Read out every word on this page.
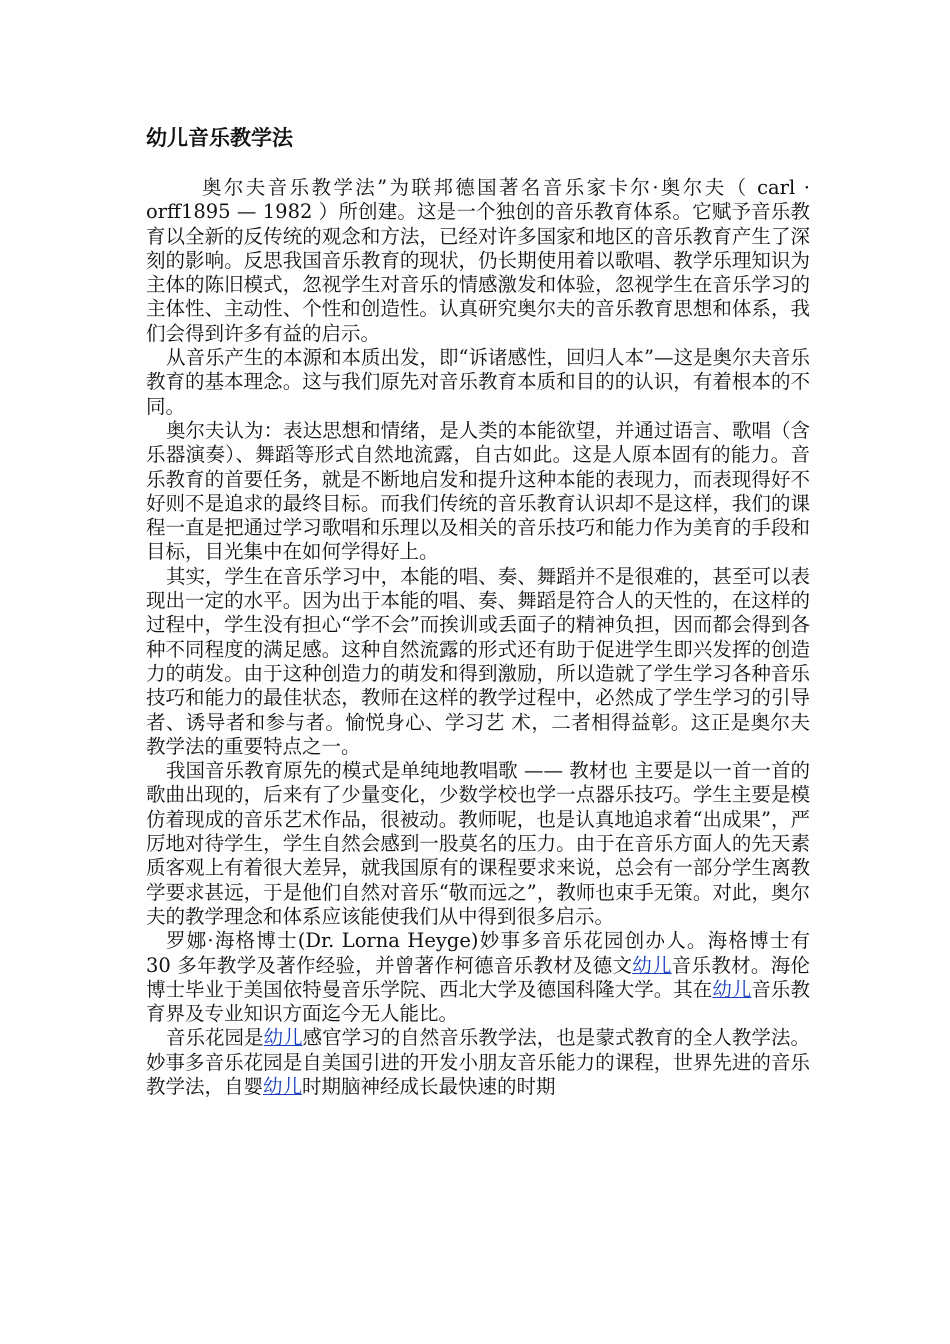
幼儿音乐教学法

奥尔夫音乐教学法”为联邦德国著名音乐家卡尔·奥尔夫（ carl · orff1895 — 1982 ）所创建。这是一个独创的音乐教育体系。它赋予音乐教育以全新的反传统的观念和方法，已经对许多国家和地区的音乐教育产生了深刻的影响。反思我国音乐教育的现状，仍长期使用着以歌唱、教学乐理知识为主体的陈旧模式，忽视学生对音乐的情感激发和体验，忽视学生在音乐学习的主体性、主动性、个性和创造性。认真研究奥尔夫的音乐教育思想和体系，我们会得到许多有益的启示。

从音乐产生的本源和本质出发，即“诉诸感性，回归人本”—这是奥尔夫音乐教育的基本理念。这与我们原先对音乐教育本质和目的的认识，有着根本的不同。

奥尔夫认为：表达思想和情绪，是人类的本能欲望，并通过语言、歌唱（含乐器演奏）、舞蹈等形式自然地流露，自古如此。这是人原本固有的能力。音乐教育的首要任务，就是不断地启发和提升这种本能的表现力，而表现得好不好则不是追求的最终目标。而我们传统的音乐教育认识却不是这样，我们的课程一直是把通过学习歌唱和乐理以及相关的音乐技巧和能力作为美育的手段和目标，目光集中在如何学得好上。

其实，学生在音乐学习中，本能的唱、奏、舞蹈并不是很难的，甚至可以表现出一定的水平。因为出于本能的唱、奏、舞蹈是符合人的天性的，在这样的过程中，学生没有担心“学不会”而挨训或丢面子的精神负担，因而都会得到各种不同程度的满足感。这种自然流露的形式还有助于促进学生即兴发挥的创造力的萌发。由于这种创造力的萌发和得到激励，所以造就了学生学习各种音乐技巧和能力的最佳状态，教师在这样的教学过程中，必然成了学生学习的引导者、诱导者和参与者。愉悦身心、学习艺 术，二者相得益彰。这正是奥尔夫教学法的重要特点之一。

我国音乐教育原先的模式是单纯地教唱歌 —— 教材也 主要是以一首一首的歌曲出现的，后来有了少量变化，少数学校也学一点器乐技巧。学生主要是模仿着现成的音乐艺术作品，很被动。教师呢，也是认真地追求着“出成果”，严厉地对待学生，学生自然会感到一股莫名的压力。由于在音乐方面人的先天素质客观上有着很大差异，就我国原有的课程要求来说，总会有一部分学生离教学要求甚远，于是他们自然对音乐“敬而远之”，教师也束手无策。对此，奥尔夫的教学理念和体系应该能使我们从中得到很多启示。

罗娜·海格博士(Dr. Lorna Heyge)妙事多音乐花园创办人。海格博士有 30 多年教学及著作经验，并曾著作柯德音乐教材及德文幼儿音乐教材。海伦博士毕业于美国依特曼音乐学院、西北大学及德国科隆大学。其在幼儿音乐教育界及专业知识方面迄今无人能比。

音乐花园是幼儿感官学习的自然音乐教学法，也是蒙式教育的全人教学法。 妙事多音乐花园是自美国引进的开发小朋友音乐能力的课程，世界先进的音乐教学法，自婴幼儿时期脑神经成长最快速的时期
